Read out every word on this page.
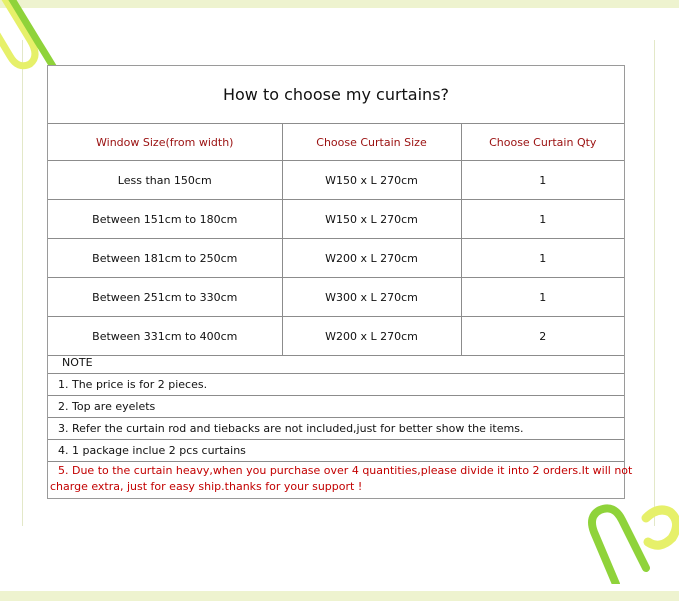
How to choose my curtains?
Window Size(from width)	Choose Curtain Size	Choose Curtain Qty
Less than 150cm	W150 x L 270cm	1
Between 151cm to 180cm	W150 x L 270cm	1
Between 181cm to 250cm	W200 x L 270cm	1
Between 251cm to 330cm	W300 x L 270cm	1
Between 331cm to 400cm	W200 x L 270cm	2
NOTE
1. The price is for 2 pieces.
2. Top are eyelets
3. Refer the curtain rod and tiebacks are not included,just for better show the items.
4. 1 package inclue 2 pcs curtains
5. Due to the curtain heavy,when you purchase over 4 quantities,please divide it into 2 orders.It will not
charge extra, just for easy ship.thanks for your support !
